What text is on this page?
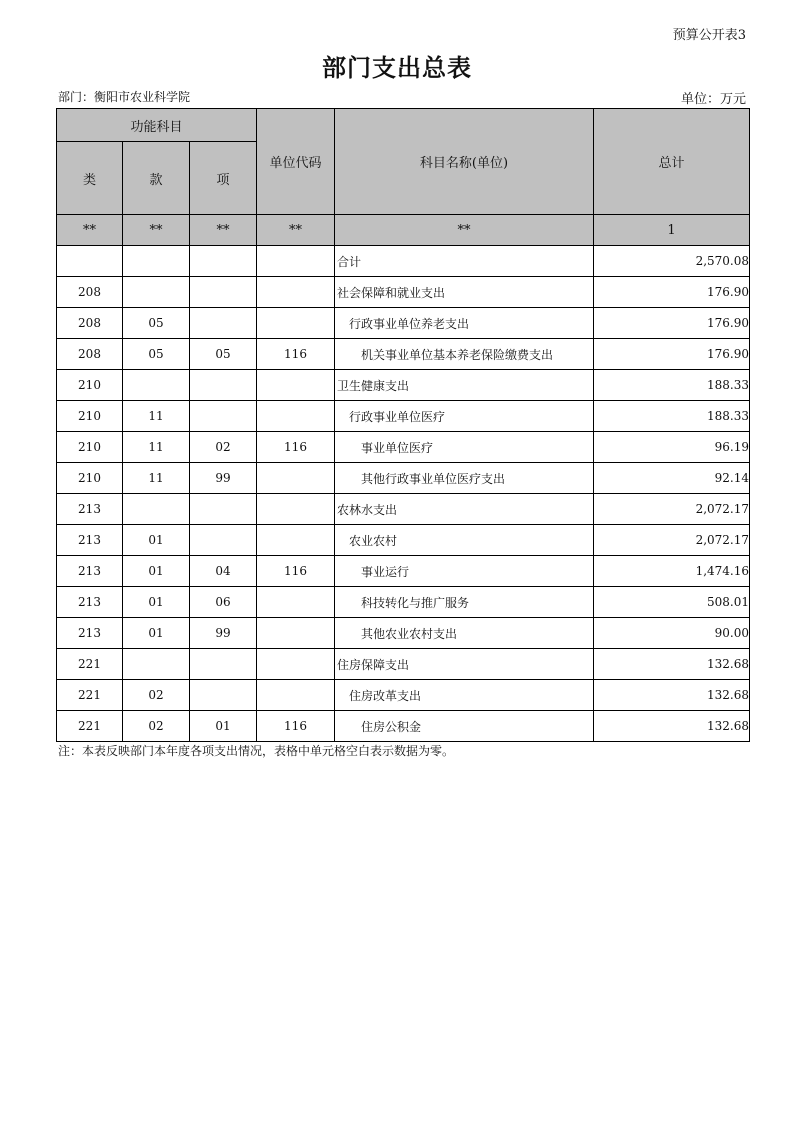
预算公开表3
部门支出总表
部门：衡阳市农业科学院	单位：万元
功能科目			单位代码	科目名称(单位)	总计
类	款	项			
**	**	**	**	**	1
				合计	2,570.08
208				社会保障和就业支出	176.90
208	05			行政事业单位养老支出	176.90
208	05	05	116	机关事业单位基本养老保险缴费支出	176.90
210				卫生健康支出	188.33
210	11			行政事业单位医疗	188.33
210	11	02	116	事业单位医疗	96.19
210	11	99		其他行政事业单位医疗支出	92.14
213				农林水支出	2,072.17
213	01			农业农村	2,072.17
213	01	04	116	事业运行	1,474.16
213	01	06		科技转化与推广服务	508.01
213	01	99		其他农业农村支出	90.00
221				住房保障支出	132.68
221	02			住房改革支出	132.68
221	02	01	116	住房公积金	132.68
注：本表反映部门本年度各项支出情况，表格中单元格空白表示数据为零。
